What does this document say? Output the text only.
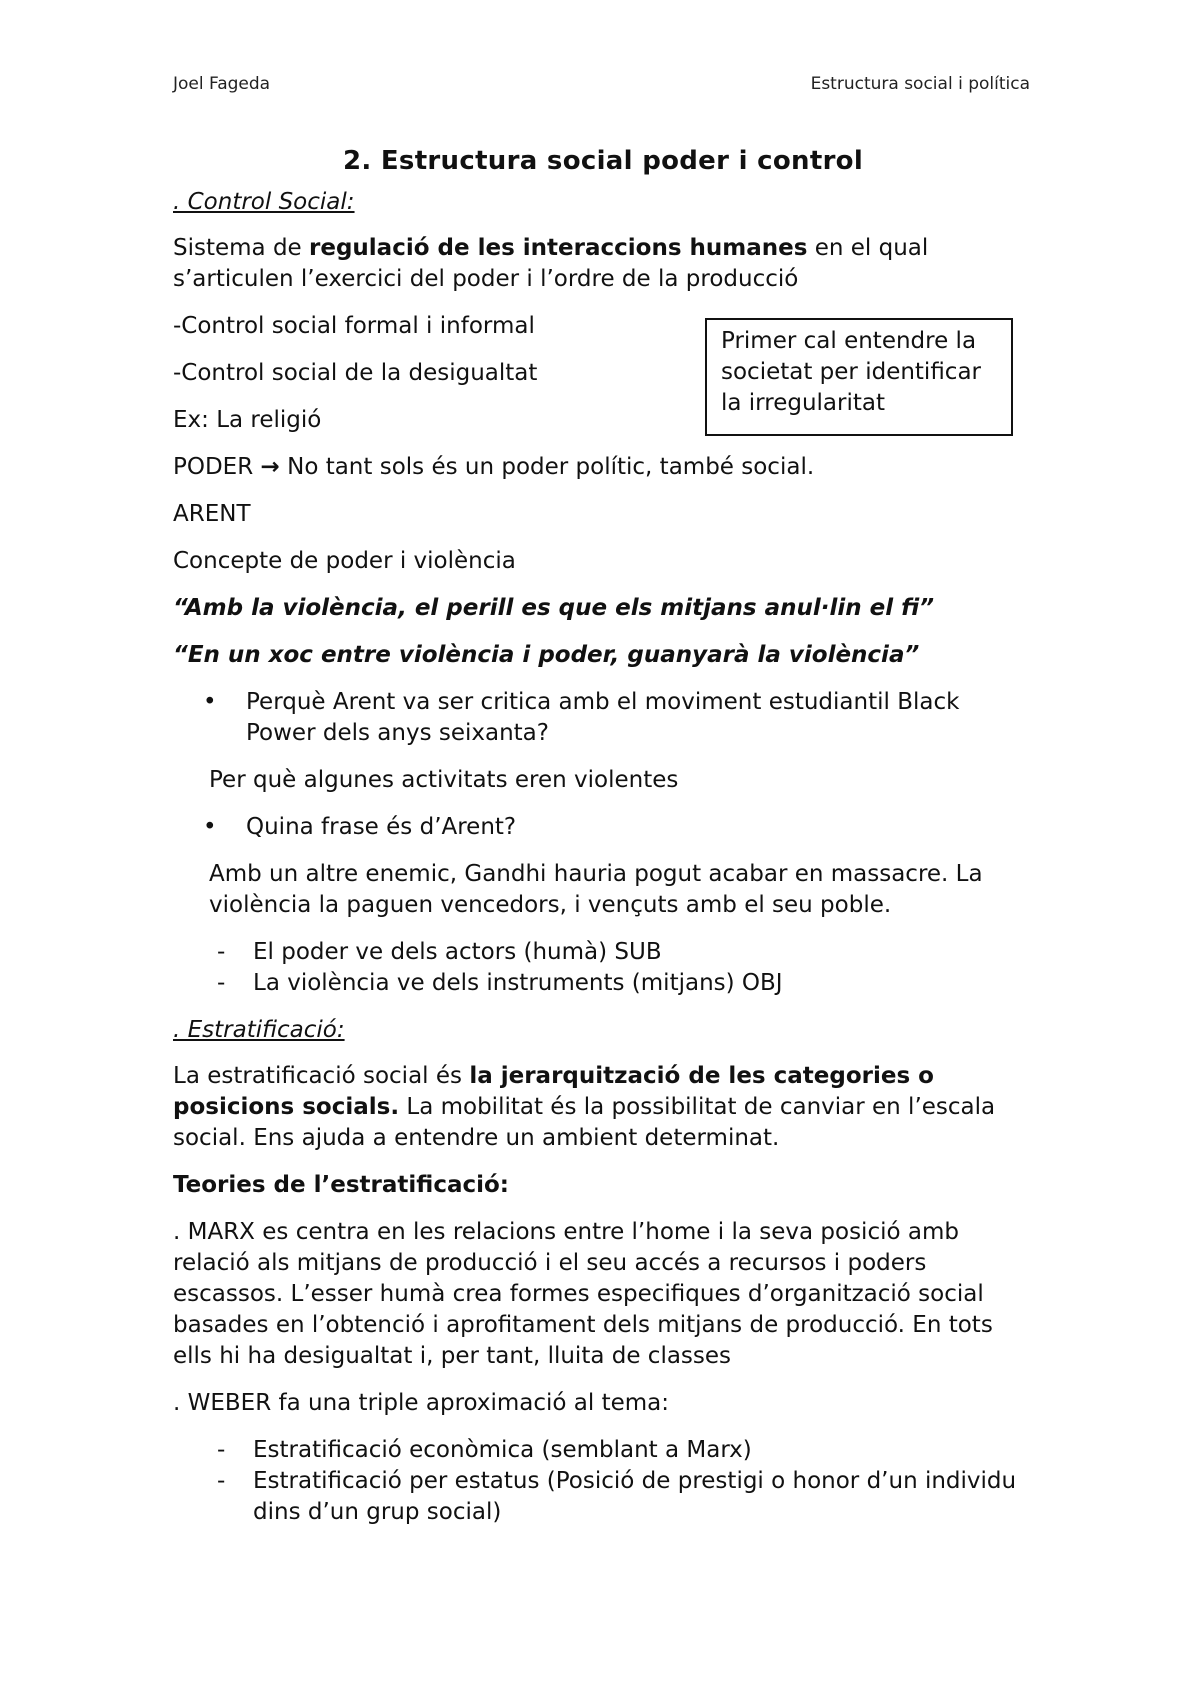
Joel Fageda	Estructura social i política
Primer cal entendre la societat per identificar la irregularitat
2. Estructura social poder i control

. Control Social:

Sistema de regulació de les interaccions humanes en el qual s’articulen l’exercici del poder i l’ordre de la producció

-Control social formal i informal

-Control social de la desigualtat

Ex: La religió

PODER → No tant sols és un poder polític, també social.

ARENT

Concepte de poder i violència

“Amb la violència, el perill es que els mitjans anul·lin el fi”

“En un xoc entre violència i poder, guanyarà la violència”

• Perquè Arent va ser critica amb el moviment estudiantil Black Power dels anys seixanta?

Per què algunes activitats eren violentes

• Quina frase és d’Arent?

Amb un altre enemic, Gandhi hauria pogut acabar en massacre. La violència la paguen vencedors, i vençuts amb el seu poble.

- El poder ve dels actors (humà) SUB

- La violència ve dels instruments (mitjans) OBJ

. Estratificació:

La estratificació social és la jerarquització de les categories o posicions socials. La mobilitat és la possibilitat de canviar en l’escala social. Ens ajuda a entendre un ambient determinat.

Teories de l’estratificació:

. MARX es centra en les relacions entre l’home i la seva posició amb relació als mitjans de producció i el seu accés a recursos i poders escassos. L’esser humà crea formes especifiques d’organització social basades en l’obtenció i aprofitament dels mitjans de producció. En tots ells hi ha desigualtat i, per tant, lluita de classes

. WEBER fa una triple aproximació al tema:

- Estratificació econòmica (semblant a Marx)

- Estratificació per estatus (Posició de prestigi o honor d’un individu dins d’un grup social)
